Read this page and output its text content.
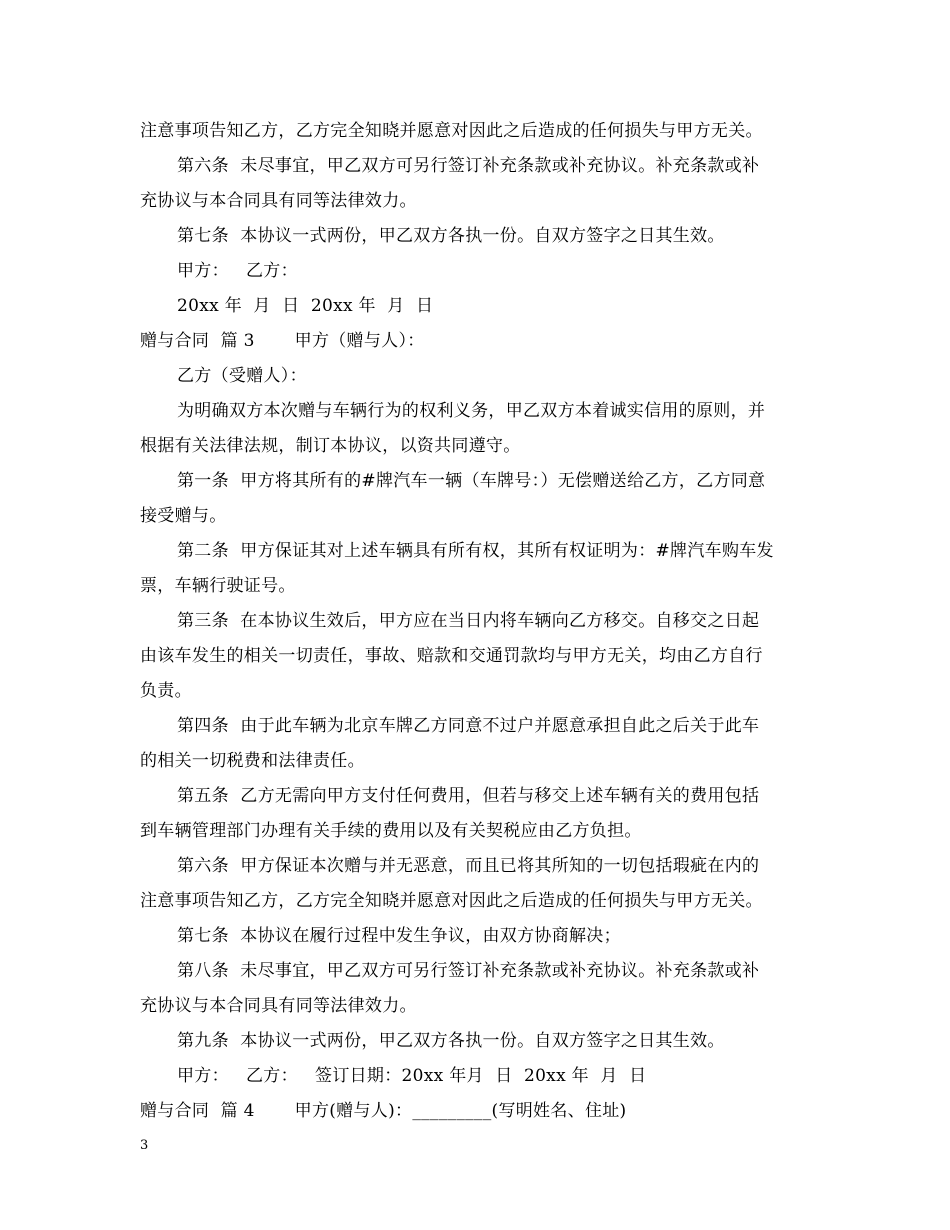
注意事项告知乙方，乙方完全知晓并愿意对因此之后造成的任何损失与甲方无关。
第六条  未尽事宜，甲乙双方可另行签订补充条款或补充协议。补充条款或补
充协议与本合同具有同等法律效力。
第七条  本协议一式两份，甲乙双方各执一份。自双方签字之日其生效。
甲方：   乙方：
20xx 年  月  日  20xx 年  月  日
赠与合同  篇 3       甲方（赠与人）：
乙方（受赠人）：
为明确双方本次赠与车辆行为的权利义务，甲乙双方本着诚实信用的原则，并
根据有关法律法规，制订本协议，以资共同遵守。
第一条  甲方将其所有的#牌汽车一辆（车牌号：）无偿赠送给乙方，乙方同意
接受赠与。
第二条  甲方保证其对上述车辆具有所有权，其所有权证明为：#牌汽车购车发
票，车辆行驶证号。
第三条  在本协议生效后，甲方应在当日内将车辆向乙方移交。自移交之日起
由该车发生的相关一切责任，事故、赔款和交通罚款均与甲方无关，均由乙方自行
负责。
第四条  由于此车辆为北京车牌乙方同意不过户并愿意承担自此之后关于此车
的相关一切税费和法律责任。
第五条  乙方无需向甲方支付任何费用，但若与移交上述车辆有关的费用包括
到车辆管理部门办理有关手续的费用以及有关契税应由乙方负担。
第六条  甲方保证本次赠与并无恶意，而且已将其所知的一切包括瑕疵在内的
注意事项告知乙方，乙方完全知晓并愿意对因此之后造成的任何损失与甲方无关。
第七条  本协议在履行过程中发生争议，由双方协商解决；
第八条  未尽事宜，甲乙双方可另行签订补充条款或补充协议。补充条款或补
充协议与本合同具有同等法律效力。
第九条  本协议一式两份，甲乙双方各执一份。自双方签字之日其生效。
甲方：   乙方：   签订日期：20xx 年月  日  20xx 年  月  日
赠与合同  篇 4       甲方(赠与人)：_________(写明姓名、住址)
3
